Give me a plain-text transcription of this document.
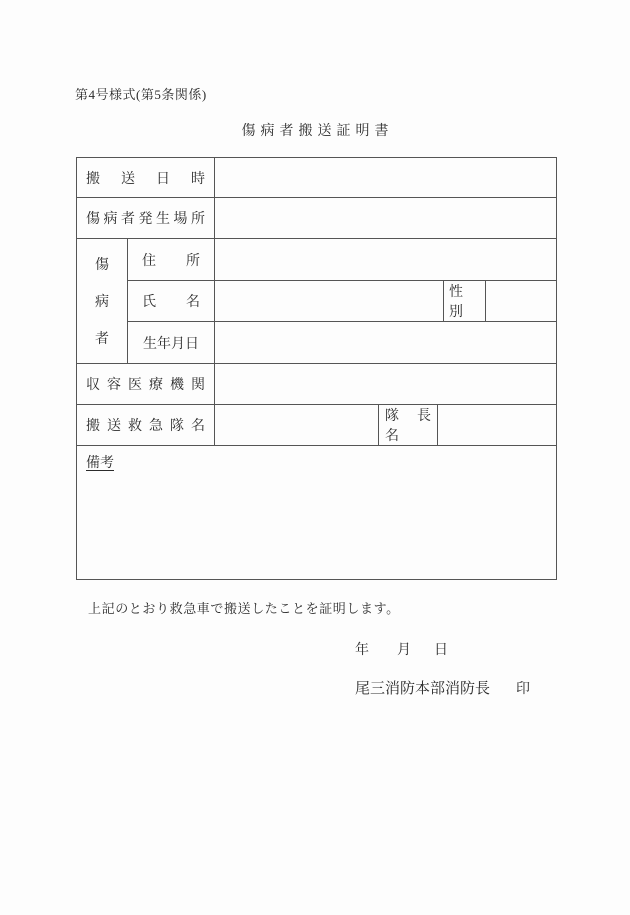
第4号様式(第5条関係)
傷病者搬送証明書
搬 送 日 時
傷 病 者 発 生 場 所
傷
病
者
住 所
氏 名
性 別
生年月日
収 容 医 療 機 関
搬 送 救 急 隊 名
隊 長 名
備考
上記のとおり救急車で搬送したことを証明します。
年 月 日
尾三消防本部消防長 印
